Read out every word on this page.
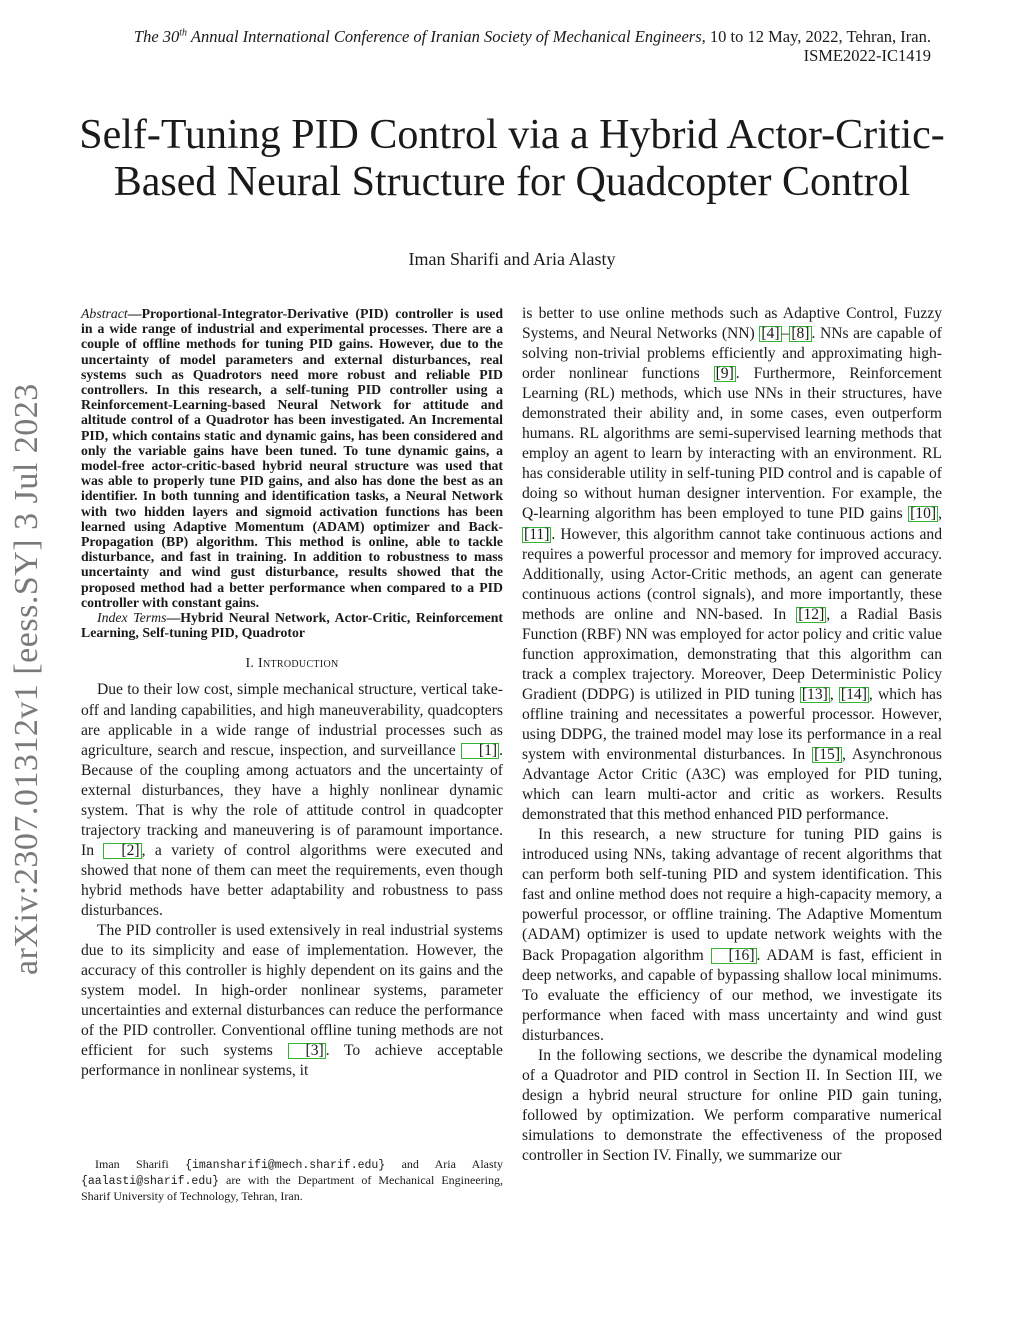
The 30th Annual International Conference of Iranian Society of Mechanical Engineers, 10 to 12 May, 2022, Tehran, Iran.
ISME2022-IC1419
Self-Tuning PID Control via a Hybrid Actor-Critic-Based Neural Structure for Quadcopter Control
Iman Sharifi and Aria Alasty
arXiv:2307.01312v1 [eess.SY] 3 Jul 2023
Abstract—Proportional-Integrator-Derivative (PID) controller is used in a wide range of industrial and experimental processes. There are a couple of offline methods for tuning PID gains. However, due to the uncertainty of model parameters and external disturbances, real systems such as Quadrotors need more robust and reliable PID controllers. In this research, a self-tuning PID controller using a Reinforcement-Learning-based Neural Network for attitude and altitude control of a Quadrotor has been investigated. An Incremental PID, which contains static and dynamic gains, has been considered and only the variable gains have been tuned. To tune dynamic gains, a model-free actor-critic-based hybrid neural structure was used that was able to properly tune PID gains, and also has done the best as an identifier. In both tunning and identification tasks, a Neural Network with two hidden layers and sigmoid activation functions has been learned using Adaptive Momentum (ADAM) optimizer and Back-Propagation (BP) algorithm. This method is online, able to tackle disturbance, and fast in training. In addition to robustness to mass uncertainty and wind gust disturbance, results showed that the proposed method had a better performance when compared to a PID controller with constant gains.
Index Terms—Hybrid Neural Network, Actor-Critic, Reinforcement Learning, Self-tuning PID, Quadrotor
I. Introduction

Due to their low cost, simple mechanical structure, vertical take-off and landing capabilities, and high maneuverability, quadcopters are applicable in a wide range of industrial processes such as agriculture, search and rescue, inspection, and surveillance [1] . Because of the coupling among actuators and the uncertainty of external disturbances, they have a highly nonlinear dynamic system. That is why the role of attitude control in quadcopter trajectory tracking and maneuvering is of paramount importance. In [2] , a variety of control algorithms were executed and showed that none of them can meet the requirements, even though hybrid methods have better adaptability and robustness to pass disturbances.

The PID controller is used extensively in real industrial systems due to its simplicity and ease of implementation. However, the accuracy of this controller is highly dependent on its gains and the system model. In high-order nonlinear systems, parameter uncertainties and external disturbances can reduce the performance of the PID controller. Conventional offline tuning methods are not efficient for such systems [3] . To achieve acceptable performance in nonlinear systems, it

Iman Sharifi {imansharifi@mech.sharif.edu} and Aria Alasty {aalasti@sharif.edu} are with the Department of Mechanical Engineering, Sharif University of Technology, Tehran, Iran.

is better to use online methods such as Adaptive Control, Fuzzy Systems, and Neural Networks (NN) [4] – [8] . NNs are capable of solving non-trivial problems efficiently and approximating high-order nonlinear functions [9] . Furthermore, Reinforcement Learning (RL) methods, which use NNs in their structures, have demonstrated their ability and, in some cases, even outperform humans. RL algorithms are semi-supervised learning methods that employ an agent to learn by interacting with an environment. RL has considerable utility in self-tuning PID control and is capable of doing so without human designer intervention. For example, the Q-learning algorithm has been employed to tune PID gains [10] , [11] . However, this algorithm cannot take continuous actions and requires a powerful processor and memory for improved accuracy. Additionally, using Actor-Critic methods, an agent can generate continuous actions (control signals), and more importantly, these methods are online and NN-based. In [12] , a Radial Basis Function (RBF) NN was employed for actor policy and critic value function approximation, demonstrating that this algorithm can track a complex trajectory. Moreover, Deep Deterministic Policy Gradient (DDPG) is utilized in PID tuning [13] , [14] , which has offline training and necessitates a powerful processor. However, using DDPG, the trained model may lose its performance in a real system with environmental disturbances. In [15] , Asynchronous Advantage Actor Critic (A3C) was employed for PID tuning, which can learn multi-actor and critic as workers. Results demonstrated that this method enhanced PID performance.

In this research, a new structure for tuning PID gains is introduced using NNs, taking advantage of recent algorithms that can perform both self-tuning PID and system identification. This fast and online method does not require a high-capacity memory, a powerful processor, or offline training. The Adaptive Momentum (ADAM) optimizer is used to update network weights with the Back Propagation algorithm [16] . ADAM is fast, efficient in deep networks, and capable of bypassing shallow local minimums. To evaluate the efficiency of our method, we investigate its performance when faced with mass uncertainty and wind gust disturbances.

In the following sections, we describe the dynamical modeling of a Quadrotor and PID control in Section II. In Section III, we design a hybrid neural structure for online PID gain tuning, followed by optimization. We perform comparative numerical simulations to demonstrate the effectiveness of the proposed controller in Section IV. Finally, we summarize our
